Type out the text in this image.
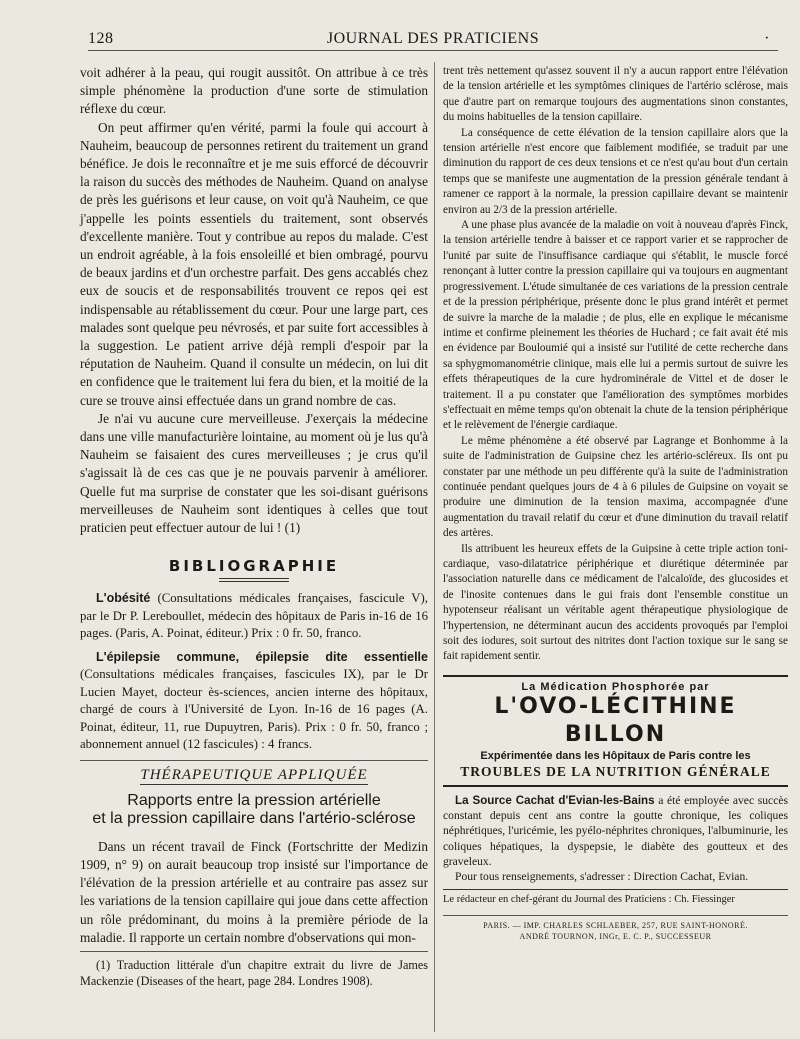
128	JOURNAL DES PRATICIENS	·

voit adhérer à la peau, qui rougit aussitôt. On attribue à ce très simple phénomène la production d'une sorte de stimulation réflexe du cœur.

On peut affirmer qu'en vérité, parmi la foule qui accourt à Nauheim, beaucoup de personnes retirent du traitement un grand bénéfice. Je dois le reconnaître et je me suis efforcé de découvrir la raison du succès des méthodes de Nauheim. Quand on analyse de près les guérisons et leur cause, on voit qu'à Nauheim, ce que j'appelle les points essentiels du traitement, sont observés d'excellente manière. Tout y contribue au repos du malade. C'est un endroit agréable, à la fois ensoleillé et bien ombragé, pourvu de beaux jardins et d'un orchestre parfait. Des gens accablés chez eux de soucis et de responsabilités trouvent ce repos qei est indispensable au rétablissement du cœur. Pour une large part, ces malades sont quelque peu névrosés, et par suite fort accessibles à la suggestion. Le patient arrive déjà rempli d'espoir par la réputation de Nauheim. Quand il consulte un médecin, on lui dit en confidence que le traitement lui fera du bien, et la moitié de la cure se trouve ainsi effectuée dans un grand nombre de cas.

Je n'ai vu aucune cure merveilleuse. J'exerçais la médecine dans une ville manufacturière lointaine, au moment où je lus qu'à Nauheim se faisaient des cures merveilleuses ; je crus qu'il s'agissait là de ces cas que je ne pouvais parvenir à améliorer. Quelle fut ma surprise de constater que les soi-disant guérisons merveilleuses de Nauheim sont identiques à celles que tout praticien peut effectuer autour de lui ! (1)

BIBLIOGRAPHIE

L'obésité (Consultations médicales françaises, fascicule V), par le Dr P. Lereboullet, médecin des hôpitaux de Paris in-16 de 16 pages. (Paris, A. Poinat, éditeur.) Prix : 0 fr. 50, franco.

L'épilepsie commune, épilepsie dite essentielle (Consultations médicales françaises, fascicules IX), par le Dr Lucien Mayet, docteur ès-sciences, ancien interne des hôpitaux, chargé de cours à l'Université de Lyon. In-16 de 16 pages (A. Poinat, éditeur, 11, rue Dupuytren, Paris). Prix : 0 fr. 50, franco ; abonnement annuel (12 fascicules) : 4 francs.

THÉRAPEUTIQUE APPLIQUÉE
Rapports entre la pression artérielle
et la pression capillaire dans l'artério-sclérose

Dans un récent travail de Finck (Fortschritte der Medizin 1909, n° 9) on aurait beaucoup trop insisté sur l'importance de l'élévation de la pression artérielle et au contraire pas assez sur les variations de la tension capillaire qui joue dans cette affection un rôle prédominant, du moins à la première période de la maladie. Il rapporte un certain nombre d'observations qui mon-

(1) Traduction littérale d'un chapitre extrait du livre de James Mackenzie (Diseases of the heart, page 284. Londres 1908).

trent très nettement qu'assez souvent il n'y a aucun rapport entre l'élévation de la tension artérielle et les symptômes cliniques de l'artério sclérose, mais que d'autre part on remarque toujours des augmentations sinon constantes, du moins habituelles de la tension capillaire.

La conséquence de cette élévation de la tension capillaire alors que la tension artérielle n'est encore que faiblement modifiée, se traduit par une diminution du rapport de ces deux tensions et ce n'est qu'au bout d'un certain temps que se manifeste une augmentation de la pression générale tendant à ramener ce rapport à la normale, la pression capillaire devant se maintenir environ au 2/3 de la pression artérielle.

A une phase plus avancée de la maladie on voit à nouveau d'après Finck, la tension artérielle tendre à baisser et ce rapport varier et se rapprocher de l'unité par suite de l'insuffisance cardiaque qui s'établit, le muscle forcé renonçant à lutter contre la pression capillaire qui va toujours en augmentant progressivement. L'étude simultanée de ces variations de la pression centrale et de la pression périphérique, présente donc le plus grand intérêt et permet de suivre la marche de la maladie ; de plus, elle en explique le mécanisme intime et confirme pleinement les théories de Huchard ; ce fait avait été mis en évidence par Bouloumié qui a insisté sur l'utilité de cette recherche dans sa sphygmomanométrie clinique, mais elle lui a permis surtout de suivre les effets thérapeutiques de la cure hydrominérale de Vittel et de doser le traitement. Il a pu constater que l'amélioration des symptômes morbides s'effectuait en même temps qu'on obtenait la chute de la tension périphérique et le relèvement de l'énergie cardiaque.

Le même phénomène a été observé par Lagrange et Bonhomme à la suite de l'administration de Guipsine chez les artério-scléreux. Ils ont pu constater par une méthode un peu différente qu'à la suite de l'administration continuée pendant quelques jours de 4 à 6 pilules de Guipsine on voyait se produire une diminution de la tension maxima, accompagnée d'une augmentation du travail relatif du cœur et d'une diminution du travail relatif des artères.

Ils attribuent les heureux effets de la Guipsine à cette triple action toni-cardiaque, vaso-dilatatrice périphérique et diurétique déterminée par l'association naturelle dans ce médicament de l'alcaloïde, des glucosides et de l'inosite contenues dans le gui frais dont l'ensemble constitue un hypotenseur réalisant un véritable agent thérapeutique physiologique de l'hypertension, ne déterminant aucun des accidents provoqués par l'emploi soit des iodures, soit surtout des nitrites dont l'action toxique sur le sang se fait rapidement sentir.

La Médication Phosphorée par
L'OVO-LÉCITHINE BILLON
Expérimentée dans les Hôpitaux de Paris contre les
TROUBLES DE LA NUTRITION GÉNÉRALE

La Source Cachat d'Evian-les-Bains a été employée avec succès constant depuis cent ans contre la goutte chronique, les coliques néphrétiques, l'uricémie, les pyélo-néphrites chroniques, l'albuminurie, les coliques hépatiques, la dyspepsie, le diabète des goutteux et des graveleux.

Pour tous renseignements, s'adresser : Direction Cachat, Evian.

Le rédacteur en chef-gérant du Journal des Praticiens : Ch. Fiessinger
PARIS. — IMP. CHARLES SCHLAEBER, 257, RUE SAINT-HONORÉ.
ANDRÉ TOURNON, INGr, E. C. P., SUCCESSEUR
